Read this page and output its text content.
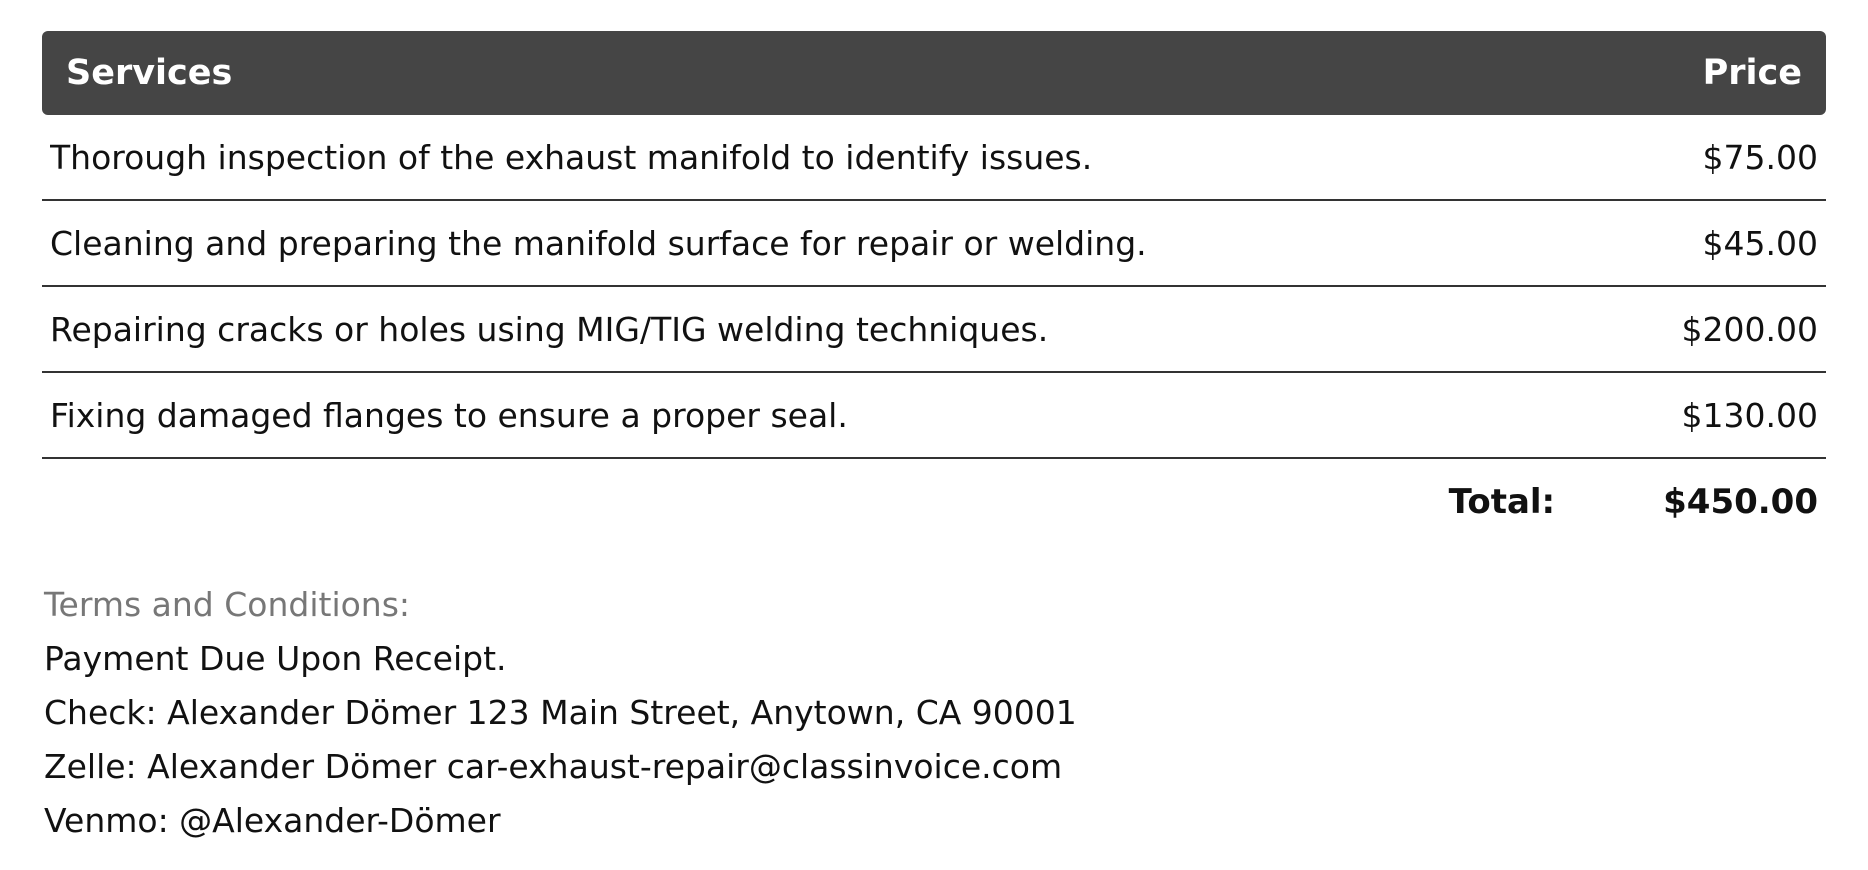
Services	Price
Thorough inspection of the exhaust manifold to identify issues.	$75.00
Cleaning and preparing the manifold surface for repair or welding.	$45.00
Repairing cracks or holes using MIG/TIG welding techniques.	$200.00
Fixing damaged flanges to ensure a proper seal.	$130.00
Total:	$450.00
Terms and Conditions:
Payment Due Upon Receipt.
Check: Alexander Dömer 123 Main Street, Anytown, CA 90001
Zelle: Alexander Dömer car-exhaust-repair@classinvoice.com
Venmo: @Alexander-Dömer
